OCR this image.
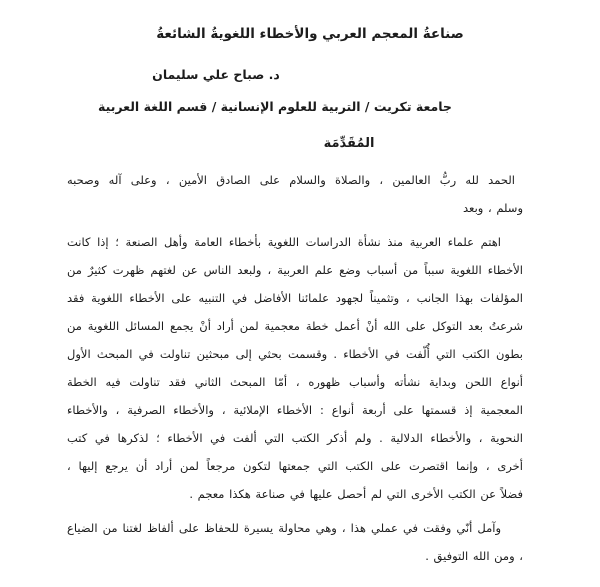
صناعةُ المعجم العربي والأخطاء اللغويةُ الشائعةُ
د. صباح علي سليمان
جامعة تكريت / التربية للعلوم الإنسانية / قسم اللغة العربية
المُقَدِّمَة
الحمد لله ربُّ العالمين ، والصلاة والسلام على الصادق الأمين ، وعلى آله وصحبه
وسلم ، وبعد
اهتم علماء العربية منذ نشأة الدراسات اللغوية بأخطاء العامة وأهل الصنعة ؛ إذا كانت
الأخطاء اللغوية سبباً من أسباب وضع علم العربية ، ولبعد الناس عن لغتهم ظهرت كثيرٌ من
المؤلفات بهذا الجانب ، وتثميناً لجهود علمائنا الأفاضل في التنبيه على الأخطاء اللغوية فقد
شرعتُ بعد التوكل على الله أنْ أعمل خطة معجمية لمن أراد أنْ يجمع المسائل اللغوية من
بطون الكتب التي أُلّفت في الأخطاء . وقسمت بحثي إلى مبحثين تناولت في المبحث الأول
أنواع اللحن وبداية نشأته وأسباب ظهوره ، أمّا المبحث الثاني فقد تناولت فيه الخطة
المعجمية إذ قسمتها على أربعة أنواع : الأخطاء الإملائية ، والأخطاء الصرفية ، والأخطاء
النحوية ، والأخطاء الدلالية . ولم أذكر الكتب التي ألفت في الأخطاء ؛ لذكرها في كتب
أخرى ، وإنما اقتصرت على الكتب التي جمعتها لتكون مرجعاً لمن أراد أن يرجع إليها ،
فضلاً عن الكتب الأخرى التي لم أحصل عليها في صناعة هكذا معجم .
وآمل أنّي وفقت في عملي هذا ، وهي محاولة يسيرة للحفاظ على ألفاظ لغتنا من الضياع
، ومن الله التوفيق .
